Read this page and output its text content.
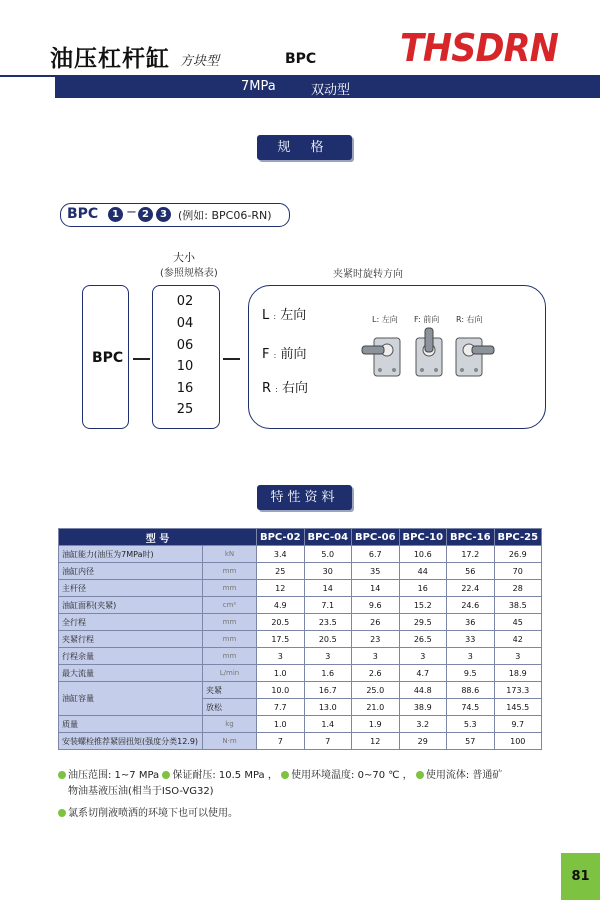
油压杠杆缸 方块型	BPC THSDRN
7MPa	双动型
规 格
BPC	1 − 2	3	(例如: BPC06-RN)
大小
(参照规格表)	夹紧时旋转方向
BPC
02
04
06
10
16
25
L : 左向
F : 前向
R : 右向
L: 左向 F: 前向 R: 右向
特性资料
型 号		BPC-02	BPC-04	BPC-06	BPC-10	BPC-16	BPC-25
油缸能力(油压为7MPa时)	kN	3.4	5.0	6.7	10.6	17.2	26.9
油缸内径	mm	25	30	35	44	56	70
主杆径	mm	12	14	14	16	22.4	28
油缸面积(夹紧)	cm²	4.9	7.1	9.6	15.2	24.6	38.5
全行程	mm	20.5	23.5	26	29.5	36	45
夹紧行程	mm	17.5	20.5	23	26.5	33	42
行程余量	mm	3	3	3	3	3	3
最大流量	L/min	1.0	1.6	2.6	4.7	9.5	18.9
油缸容量	夹紧	10.0	16.7	25.0	44.8	88.6	173.3
	放松	7.7	13.0	21.0	38.9	74.5	145.5
质量	kg	1.0	1.4	1.9	3.2	5.3	9.7
安装螺栓推荐紧固扭矩(强度分类12.9)	N·m	7	7	12	29	57	100
油压范围: 1~7 MPa 保证耐压: 10.5 MPa ， 使用环境温度: 0~70 ℃ ， 使用流体: 普通矿
物油基液压油(相当于ISO-VG32)
氯系切削液喷洒的环境下也可以使用。
81
